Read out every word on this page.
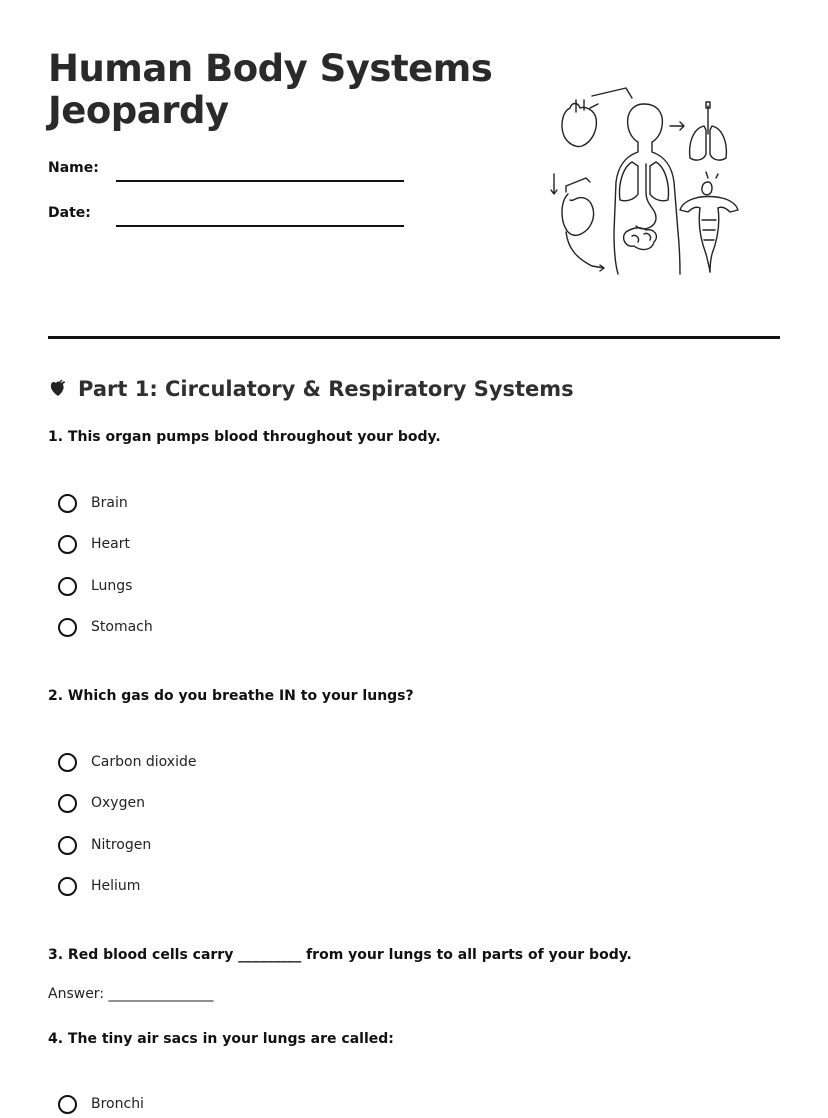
Human Body Systems Jeopardy
Name:
Date:
Part 1: Circulatory & Respiratory Systems
1. This organ pumps blood throughout your body.
Brain
Heart
Lungs
Stomach
2. Which gas do you breathe IN to your lungs?
Carbon dioxide
Oxygen
Nitrogen
Helium
3. Red blood cells carry _________ from your lungs to all parts of your body.
Answer: _______________
4. The tiny air sacs in your lungs are called:
Bronchi
